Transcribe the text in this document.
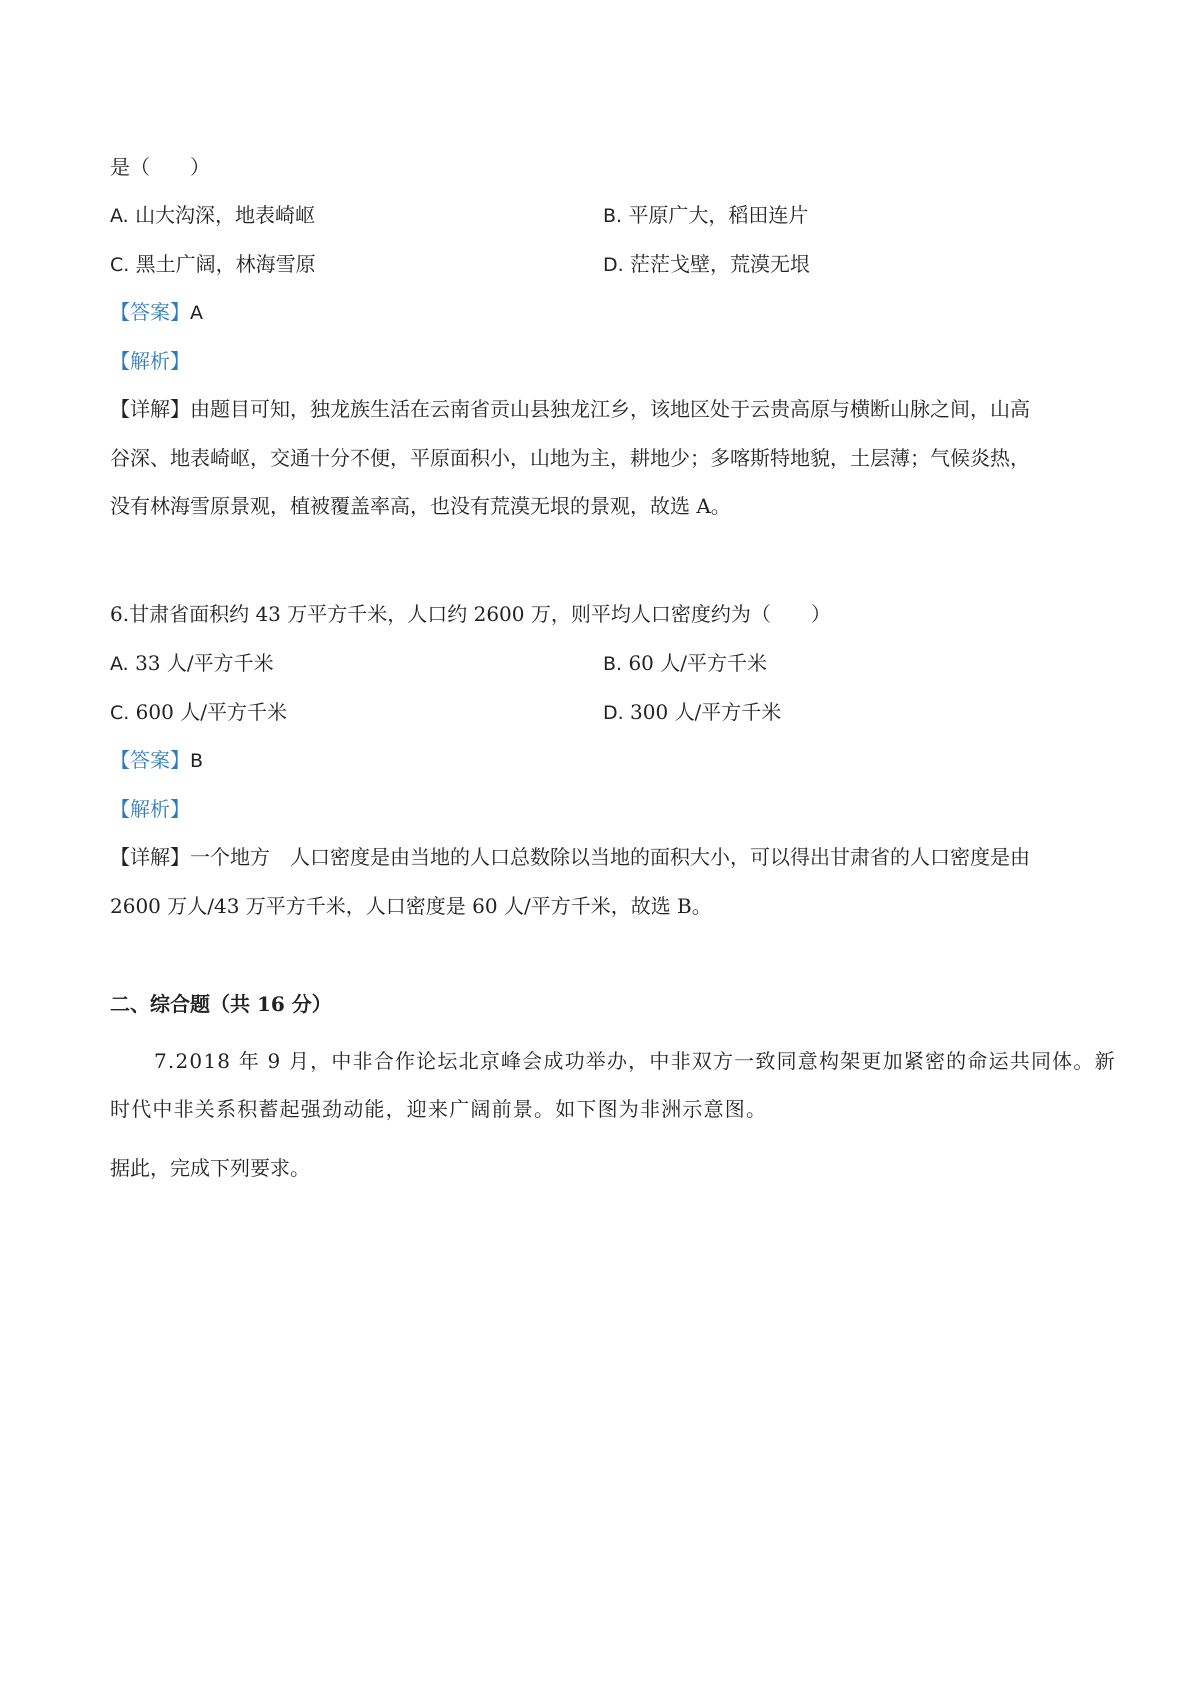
是（　　）
A. 山大沟深，地表崎岖	B. 平原广大，稻田连片
C. 黑土广阔，林海雪原	D. 茫茫戈壁，荒漠无垠
【答案】A
【解析】
【详解】由题目可知，独龙族生活在云南省贡山县独龙江乡，该地区处于云贵高原与横断山脉之间，山高
谷深、地表崎岖，交通十分不便，平原面积小，山地为主，耕地少；多喀斯特地貌，土层薄；气候炎热，
没有林海雪原景观，植被覆盖率高，也没有荒漠无垠的景观，故选 A。
6.甘肃省面积约 43 万平方千米，人口约 2600 万，则平均人口密度约为（　　）
A. 33 人/平方千米	B. 60 人/平方千米
C. 600 人/平方千米	D. 300 人/平方千米
【答案】B
【解析】
【详解】一个地方　人口密度是由当地的人口总数除以当地的面积大小，可以得出甘肃省的人口密度是由
2600 万人/43 万平方千米，人口密度是 60 人/平方千米，故选 B。
二、综合题（共 16 分）
7.2018 年 9 月，中非合作论坛北京峰会成功举办，中非双方一致同意构架更加紧密的命运共同体。新
时代中非关系积蓄起强劲动能，迎来广阔前景。如下图为非洲示意图。
据此，完成下列要求。
